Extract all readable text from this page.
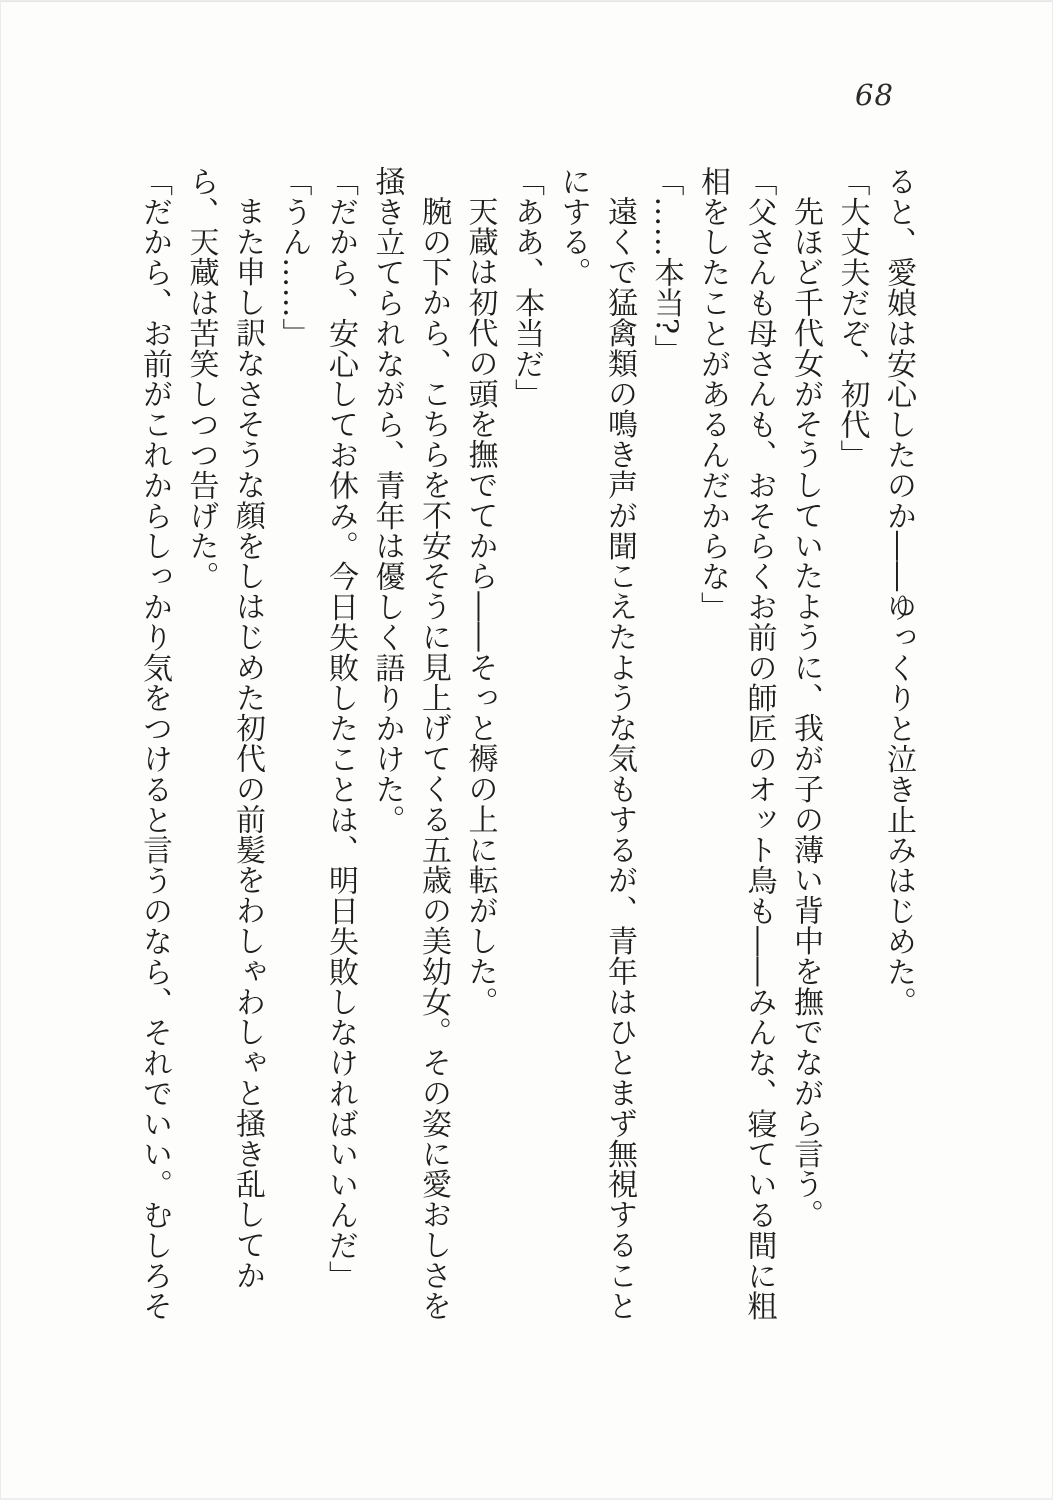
68

ると、愛娘は安心したのか――ゆっくりと泣き止みはじめた。

「大丈夫だぞ、初代」

先ほど千代女がそうしていたように、我が子の薄い背中を撫でながら言う。

「父さんも母さんも、おそらくお前の師匠のオット鳥も――みんな、寝ている間に粗相をしたことがあるんだからな」

「……本当?」

遠くで猛禽類の鳴き声が聞こえたような気もするが、青年はひとまず無視することにする。

「ああ、本当だ」

天蔵は初代の頭を撫でてから――そっと褥の上に転がした。

腕の下から、こちらを不安そうに見上げてくる五歳の美幼女。その姿に愛おしさを掻き立てられながら、青年は優しく語りかけた。

「だから、安心してお休み。今日失敗したことは、明日失敗しなければいいんだ」

「うん……」

また申し訳なさそうな顔をしはじめた初代の前髪をわしゃわしゃと掻き乱してから、天蔵は苦笑しつつ告げた。

「だから、お前がこれからしっかり気をつけると言うのなら、それでいい。むしろそ
